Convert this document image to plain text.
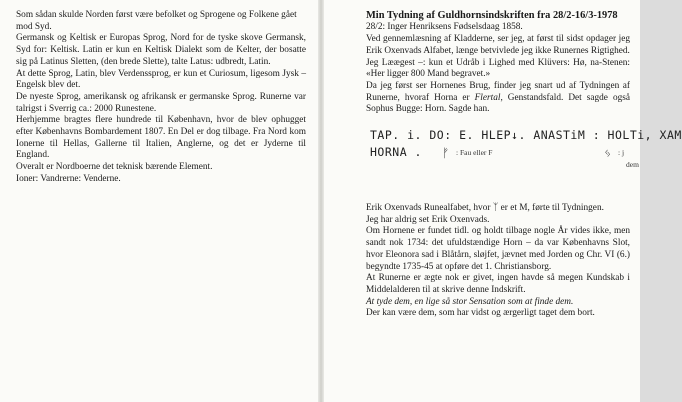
Som sådan skulde Norden først være befolket og Sprogene og Folkene gået mod Syd.

Germansk og Keltisk er Europas Sprog, Nord for de tyske skove Germansk, Syd for: Keltisk. Latin er kun en Keltisk Dialekt som de Kelter, der bosatte sig på Latinus Sletten, (den brede Slette), talte Latus: udbredt, Latin.

At dette Sprog, Latin, blev Verdenssprog, er kun et Curiosum, ligesom Jysk – Engelsk blev det.

De nyeste Sprog, amerikansk og afrikansk er germanske Sprog. Runerne var talrigst i Sverrig ca.: 2000 Runestene.

Herhjemme bragtes flere hundrede til København, hvor de blev ophugget efter Københavns Bombardement 1807. En Del er dog tilbage. Fra Nord kom Ionerne til Hellas, Gallerne til Italien, Anglerne, og det er Jyderne til England.

Overalt er Nordboerne det teknisk bærende Element.

Ioner: Vandrerne: Venderne.

Min Tydning af Guldhornsindskriften fra 28/2-16/3-1978

28/2: Inger Henriksens Fødselsdaag 1858.

Ved gennemlæsning af Kladderne, ser jeg, at først til sidst opdager jeg Erik Oxenvads Alfabet, længe betvivlede jeg ikke Runernes Rigtighed.

Jeg Læægest –: kun et Udråb i Lighed med Klüvers: Hø, na-Stenen: «Her ligger 800 Mand begravet.»

Da jeg først ser Hornenes Brug, finder jeg snart ud af Tydningen af Runerne, hvoraf Horna er Flertal, Genstandsfald. Det sagde også Sophus Bugge: Horn. Sagde han.

TAP. i. DO: E. HLEP↓. ANASTiM : HOLTi, XAM
HORNA . ᚠ : Fau eller F	ᛃ : j
dem

Erik Oxenvads Runealfabet, hvor ᛉ er et M, førte til Tydningen.

Jeg har aldrig set Erik Oxenvads.

Om Hornene er fundet tidl. og holdt tilbage nogle År vides ikke, men sandt nok 1734: det ufuldstændige Horn – da var Københavns Slot, hvor Eleonora sad i Blåtårn, sløjfet, jævnet med Jorden og Chr. VI (6.) begyndte 1735-45 at opføre det 1. Christiansborg.

At Runerne er ægte nok er givet, ingen havde så megen Kundskab i Middelalderen til at skrive denne Indskrift.

At tyde dem, en lige så stor Sensation som at finde dem.

Der kan være dem, som har vidst og ærgerligt taget dem bort.
